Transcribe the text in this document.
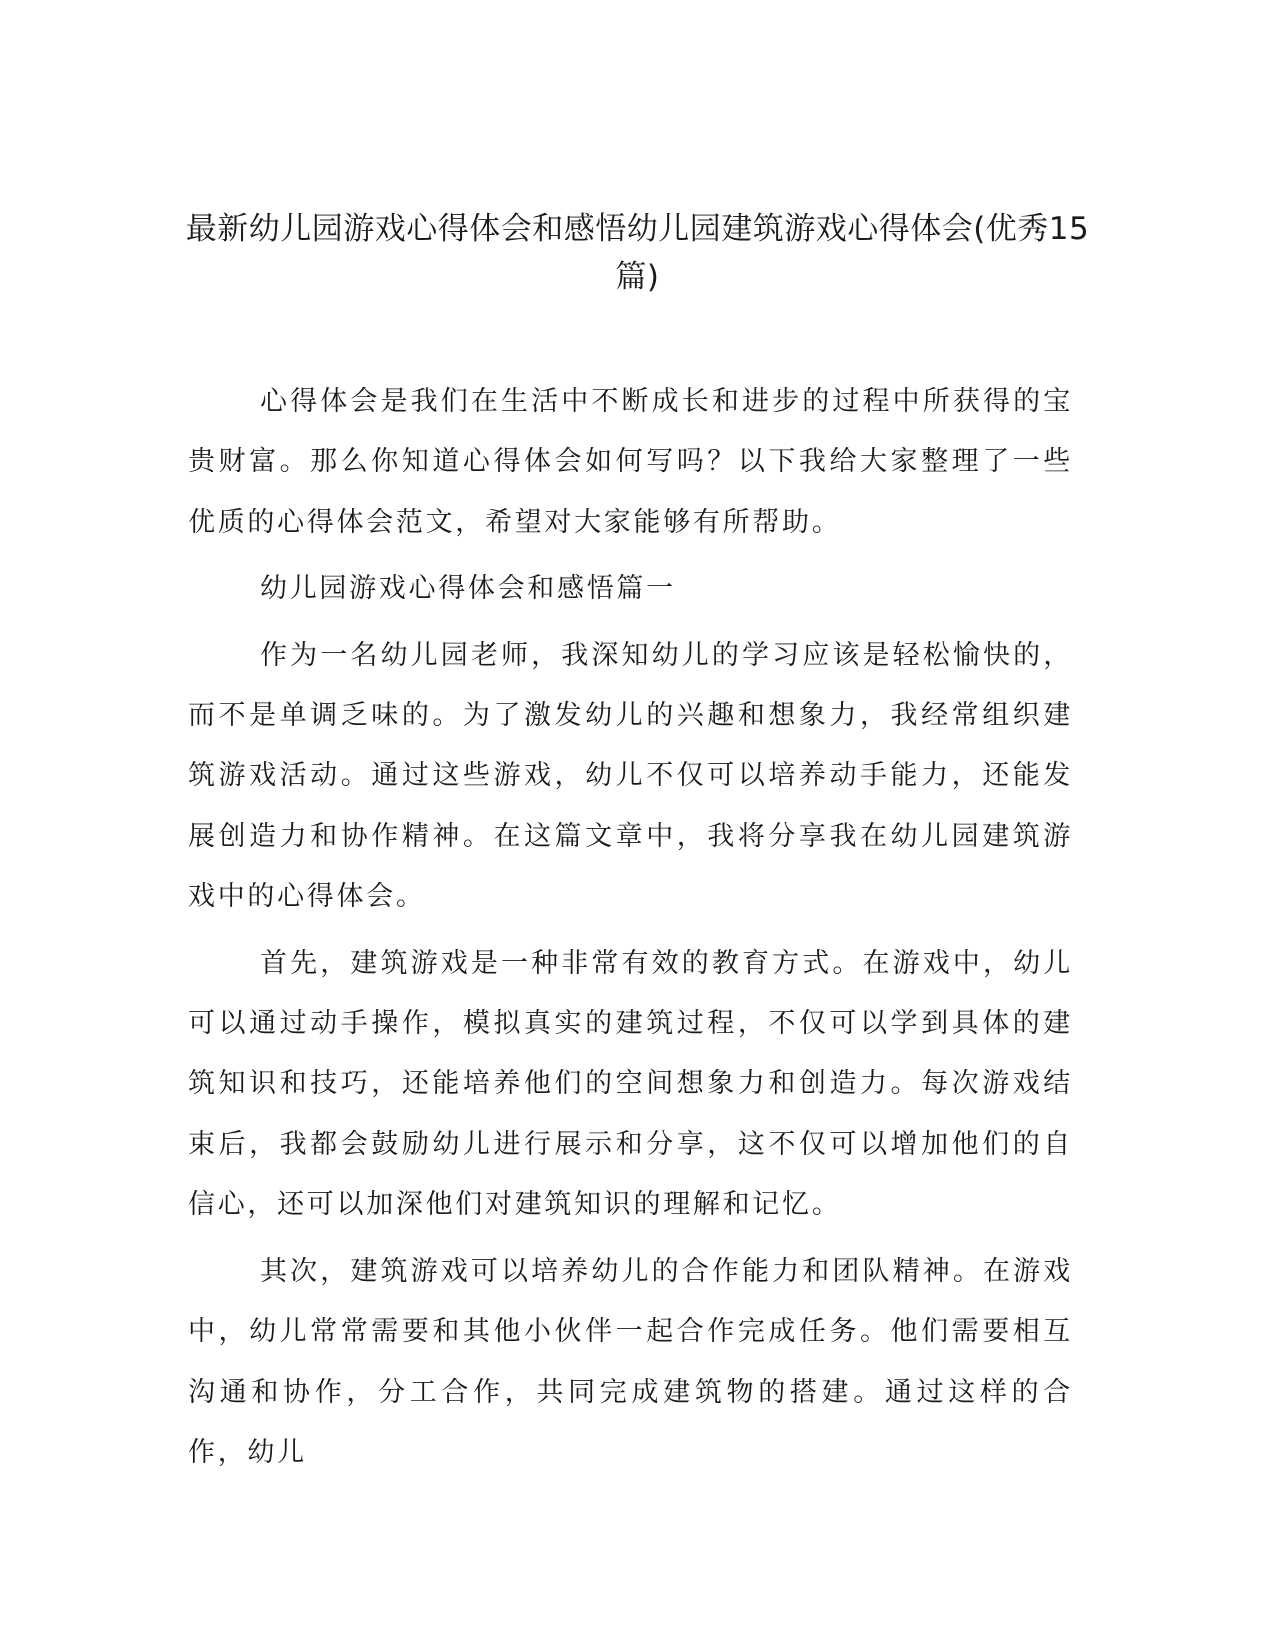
最新幼儿园游戏心得体会和感悟幼儿园建筑游戏心得体会(优秀15篇)

心得体会是我们在生活中不断成长和进步的过程中所获得的宝贵财富。那么你知道心得体会如何写吗？以下我给大家整理了一些优质的心得体会范文，希望对大家能够有所帮助。

幼儿园游戏心得体会和感悟篇一

作为一名幼儿园老师，我深知幼儿的学习应该是轻松愉快的，而不是单调乏味的。为了激发幼儿的兴趣和想象力，我经常组织建筑游戏活动。通过这些游戏，幼儿不仅可以培养动手能力，还能发展创造力和协作精神。在这篇文章中，我将分享我在幼儿园建筑游戏中的心得体会。

首先，建筑游戏是一种非常有效的教育方式。在游戏中，幼儿可以通过动手操作，模拟真实的建筑过程，不仅可以学到具体的建筑知识和技巧，还能培养他们的空间想象力和创造力。每次游戏结束后，我都会鼓励幼儿进行展示和分享，这不仅可以增加他们的自信心，还可以加深他们对建筑知识的理解和记忆。

其次，建筑游戏可以培养幼儿的合作能力和团队精神。在游戏中，幼儿常常需要和其他小伙伴一起合作完成任务。他们需要相互沟通和协作，分工合作，共同完成建筑物的搭建。通过这样的合作，幼儿
